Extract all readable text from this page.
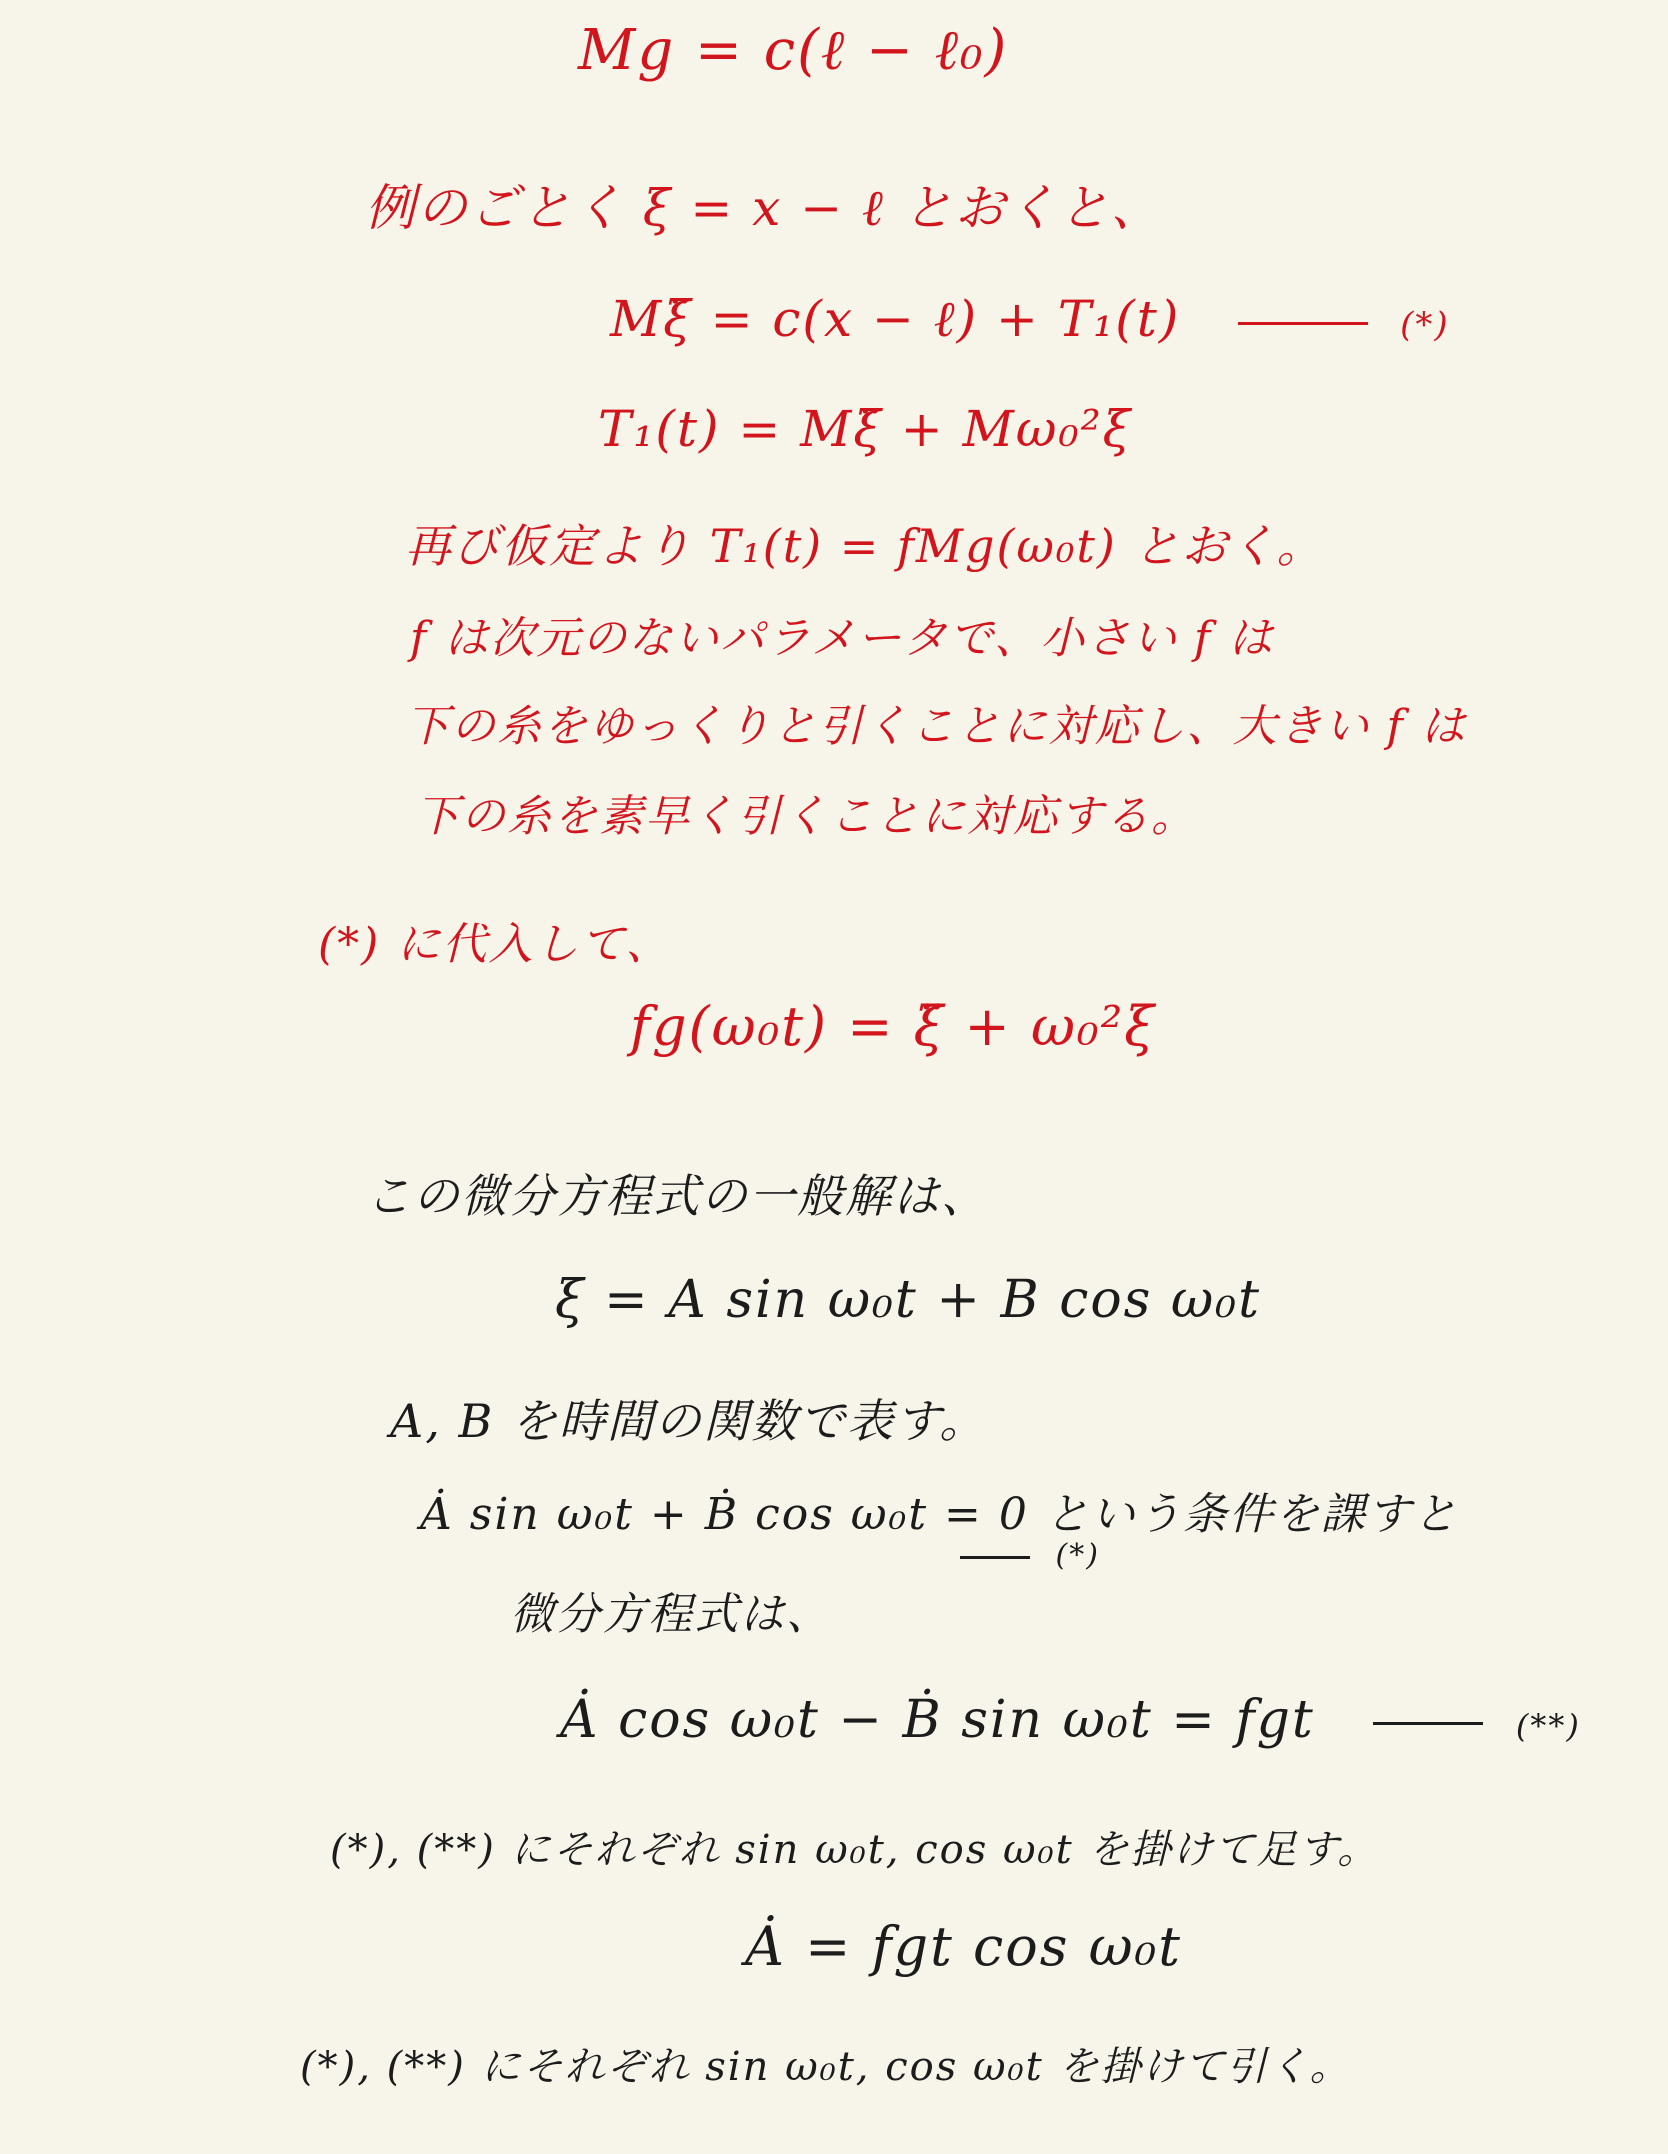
Mg = c(ℓ − ℓ₀)
例のごとく ξ = x − ℓ とおくと、
Mξ̈ = c(x − ℓ) + T₁(t)	(*)
T₁(t) = Mξ̈ + Mω₀²ξ
再び仮定より T₁(t) = fMg(ω₀t) とおく。
f は次元のないパラメータで、小さい f は
下の糸をゆっくりと引くことに対応し、大きい f は
下の糸を素早く引くことに対応する。
(*) に代入して、
fg(ω₀t) = ξ̈ + ω₀²ξ
この微分方程式の一般解は、
ξ = A sin ω₀t + B cos ω₀t
A, B を時間の関数で表す。
Ȧ sin ω₀t + Ḃ cos ω₀t = 0 という条件を課すと
(*)
微分方程式は、
Ȧ cos ω₀t − Ḃ sin ω₀t = fgt	(**)
(*), (**) にそれぞれ sin ω₀t, cos ω₀t を掛けて足す。
Ȧ = fgt cos ω₀t
(*), (**) にそれぞれ sin ω₀t, cos ω₀t を掛けて引く。
